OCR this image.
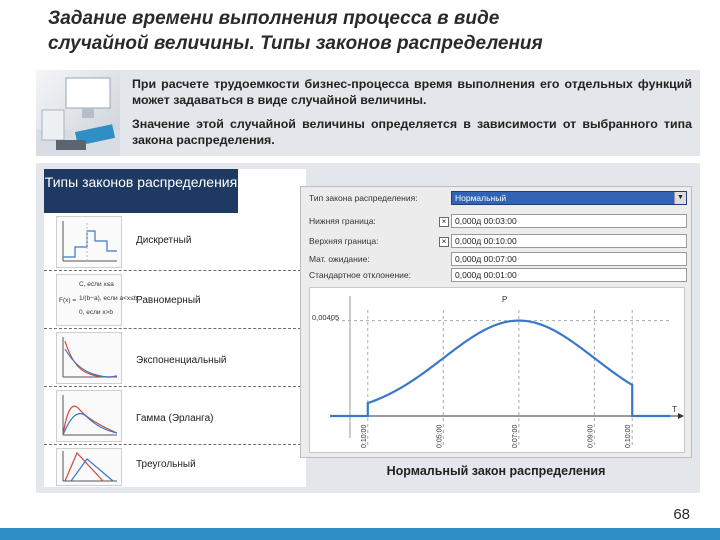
Задание времени выполнения процесса в виде
случайной величины. Типы законов распределения

При расчете трудоемкости бизнес-процесса время выполнения его отдельных функций может задаваться в виде случайной величины.

Значение этой случайной величины определяется в зависимости от выбранного типа закона распределения.

Типы законов распределения
Дискретный
F(x) =
C, если x≤a
1/(b−a), если a<x≤b
0, если x>b
Равномерный
Экспоненциальный
Гамма (Эрланга)
Треугольный
Тип закона распределения:	Нормальный	▼
Нижняя граница:	×	0,000д 00:03:00
Верхняя граница:	×	0,000д 00:10:00
Мат. ожидание:	0,000д 00:07:00
Стандартное отклонение:	0,000д 00:01:00
P
T
0,00405
0:10:00	0:05:00	0:07:00	0:09:00	0:10:00
Нормальный закон распределения
68
